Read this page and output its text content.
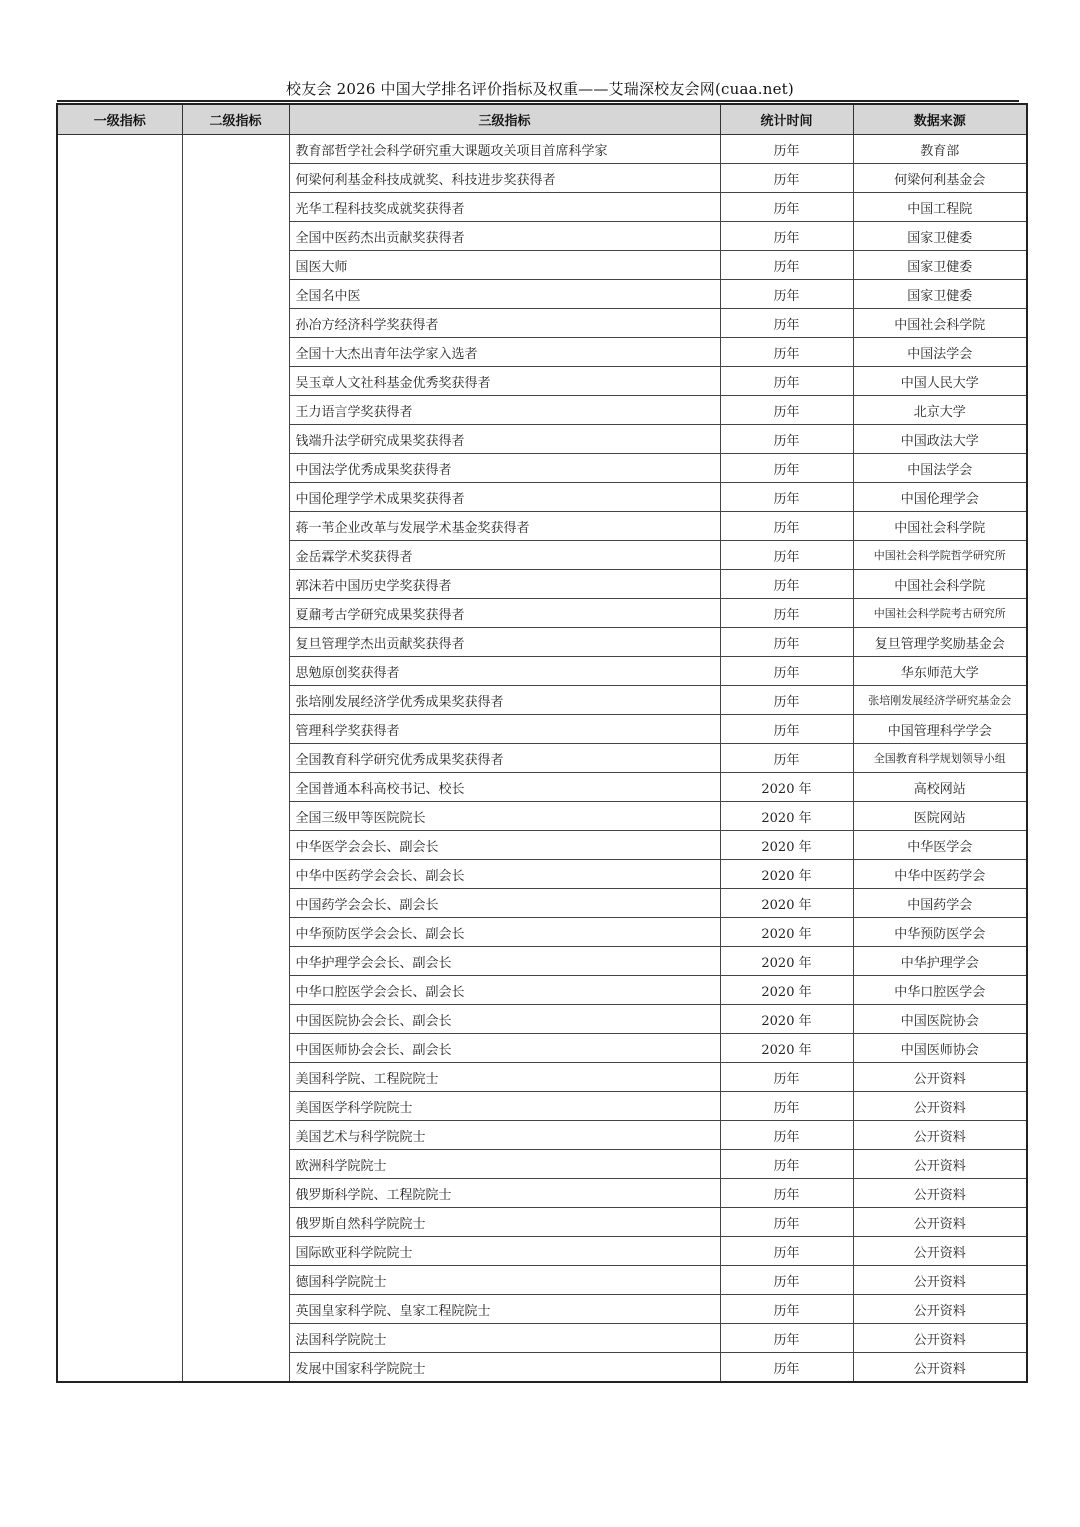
校友会 2026 中国大学排名评价指标及权重——艾瑞深校友会网(cuaa.net)
一级指标	二级指标	三级指标	统计时间	数据来源
		教育部哲学社会科学研究重大课题攻关项目首席科学家	历年	教育部
		何梁何利基金科技成就奖、科技进步奖获得者	历年	何梁何利基金会
		光华工程科技奖成就奖获得者	历年	中国工程院
		全国中医药杰出贡献奖获得者	历年	国家卫健委
		国医大师	历年	国家卫健委
		全国名中医	历年	国家卫健委
		孙冶方经济科学奖获得者	历年	中国社会科学院
		全国十大杰出青年法学家入选者	历年	中国法学会
		吴玉章人文社科基金优秀奖获得者	历年	中国人民大学
		王力语言学奖获得者	历年	北京大学
		钱端升法学研究成果奖获得者	历年	中国政法大学
		中国法学优秀成果奖获得者	历年	中国法学会
		中国伦理学学术成果奖获得者	历年	中国伦理学会
		蒋一苇企业改革与发展学术基金奖获得者	历年	中国社会科学院
		金岳霖学术奖获得者	历年	中国社会科学院哲学研究所
		郭沫若中国历史学奖获得者	历年	中国社会科学院
		夏鼐考古学研究成果奖获得者	历年	中国社会科学院考古研究所
		复旦管理学杰出贡献奖获得者	历年	复旦管理学奖励基金会
		思勉原创奖获得者	历年	华东师范大学
		张培刚发展经济学优秀成果奖获得者	历年	张培刚发展经济学研究基金会
		管理科学奖获得者	历年	中国管理科学学会
		全国教育科学研究优秀成果奖获得者	历年	全国教育科学规划领导小组
		全国普通本科高校书记、校长	2020 年	高校网站
		全国三级甲等医院院长	2020 年	医院网站
		中华医学会会长、副会长	2020 年	中华医学会
		中华中医药学会会长、副会长	2020 年	中华中医药学会
		中国药学会会长、副会长	2020 年	中国药学会
		中华预防医学会会长、副会长	2020 年	中华预防医学会
		中华护理学会会长、副会长	2020 年	中华护理学会
		中华口腔医学会会长、副会长	2020 年	中华口腔医学会
		中国医院协会会长、副会长	2020 年	中国医院协会
		中国医师协会会长、副会长	2020 年	中国医师协会
		美国科学院、工程院院士	历年	公开资料
		美国医学科学院院士	历年	公开资料
		美国艺术与科学院院士	历年	公开资料
		欧洲科学院院士	历年	公开资料
		俄罗斯科学院、工程院院士	历年	公开资料
		俄罗斯自然科学院院士	历年	公开资料
		国际欧亚科学院院士	历年	公开资料
		德国科学院院士	历年	公开资料
		英国皇家科学院、皇家工程院院士	历年	公开资料
		法国科学院院士	历年	公开资料
		发展中国家科学院院士	历年	公开资料
